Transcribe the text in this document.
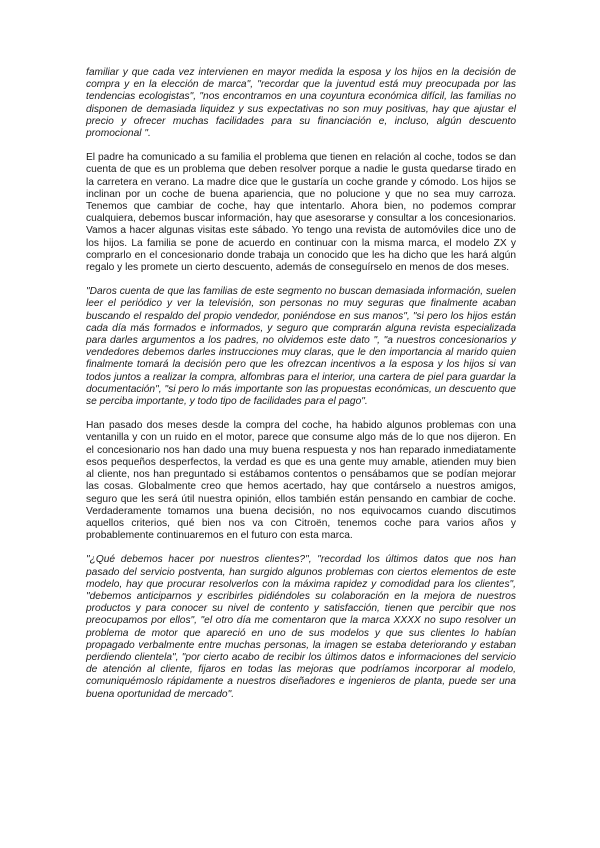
familiar y que cada vez intervienen en mayor medida la esposa y los hijos en la decisión de compra y en la elección de marca", "recordar que la juventud está muy preocupada por las tendencias ecologistas", "nos encontramos en una coyuntura económica difícil, las familias no disponen de demasiada liquidez y sus expectativas no son muy positivas, hay que ajustar el precio y ofrecer muchas facilidades para su financiación e, incluso, algún descuento promocional ".

El padre ha comunicado a su familia el problema que tienen en relación al coche, todos se dan cuenta de que es un problema que deben resolver porque a nadie le gusta quedarse tirado en la carretera en verano. La madre dice que le gustaría un coche grande y cómodo. Los hijos se inclinan por un coche de buena apariencia, que no polucione y que no sea muy carroza. Tenemos que cambiar de coche, hay que intentarlo. Ahora bien, no podemos comprar cualquiera, debemos buscar información, hay que asesorarse y consultar a los concesionarios. Vamos a hacer algunas visitas este sábado. Yo tengo una revista de automóviles dice uno de los hijos. La familia se pone de acuerdo en continuar con la misma marca, el modelo ZX y comprarlo en el concesionario donde trabaja un conocido que les ha dicho que les hará algún regalo y les promete un cierto descuento, además de conseguírselo en menos de dos meses.

"Daros cuenta de que las familias de este segmento no buscan demasiada información, suelen leer el periódico y ver la televisión, son personas no muy seguras que finalmente acaban buscando el respaldo del propio vendedor, poniéndose en sus manos", "si pero los hijos están cada día más formados e informados, y seguro que comprarán alguna revista especializada para darles argumentos a los padres, no olvidemos este dato ", "a nuestros concesionarios y vendedores debemos darles instrucciones muy claras, que le den importancia al marido quien finalmente tomará la decisión pero que les ofrezcan incentivos a la esposa y los hijos si van todos juntos a realizar la compra, alfombras para el interior, una cartera de piel para guardar la documentación", "si pero lo más importante son las propuestas económicas, un descuento que se perciba importante, y todo tipo de facilidades para el pago".

Han pasado dos meses desde la compra del coche, ha habido algunos problemas con una ventanilla y con un ruido en el motor, parece que consume algo más de lo que nos dijeron. En el concesionario nos han dado una muy buena respuesta y nos han reparado inmediatamente esos pequeños desperfectos, la verdad es que es una gente muy amable, atienden muy bien al cliente, nos han preguntado si estábamos contentos o pensábamos que se podían mejorar las cosas. Globalmente creo que hemos acertado, hay que contárselo a nuestros amigos, seguro que les será útil nuestra opinión, ellos también están pensando en cambiar de coche. Verdaderamente tomamos una buena decisión, no nos equivocamos cuando discutimos aquellos criterios, qué bien nos va con Citroën, tenemos coche para varios años y probablemente continuaremos en el futuro con esta marca.

"¿Qué debemos hacer por nuestros clientes?", "recordad los últimos datos que nos han pasado del servicio postventa, han surgido algunos problemas con ciertos elementos de este modelo, hay que procurar resolverlos con la máxima rapidez y comodidad para los clientes", "debemos anticiparnos y escribirles pidiéndoles su colaboración en la mejora de nuestros productos y para conocer su nivel de contento y satisfacción, tienen que percibir que nos preocupamos por ellos", "el otro día me comentaron que la marca XXXX no supo resolver un problema de motor que apareció en uno de sus modelos y que sus clientes lo habían propagado verbalmente entre muchas personas, la imagen se estaba deteriorando y estaban perdiendo clientela", "por cierto acabo de recibir los últimos datos e informaciones del servicio de atención al cliente, fijaros en todas las mejoras que podríamos incorporar al modelo, comuniquémoslo rápidamente a nuestros diseñadores e ingenieros de planta, puede ser una buena oportunidad de mercado".
